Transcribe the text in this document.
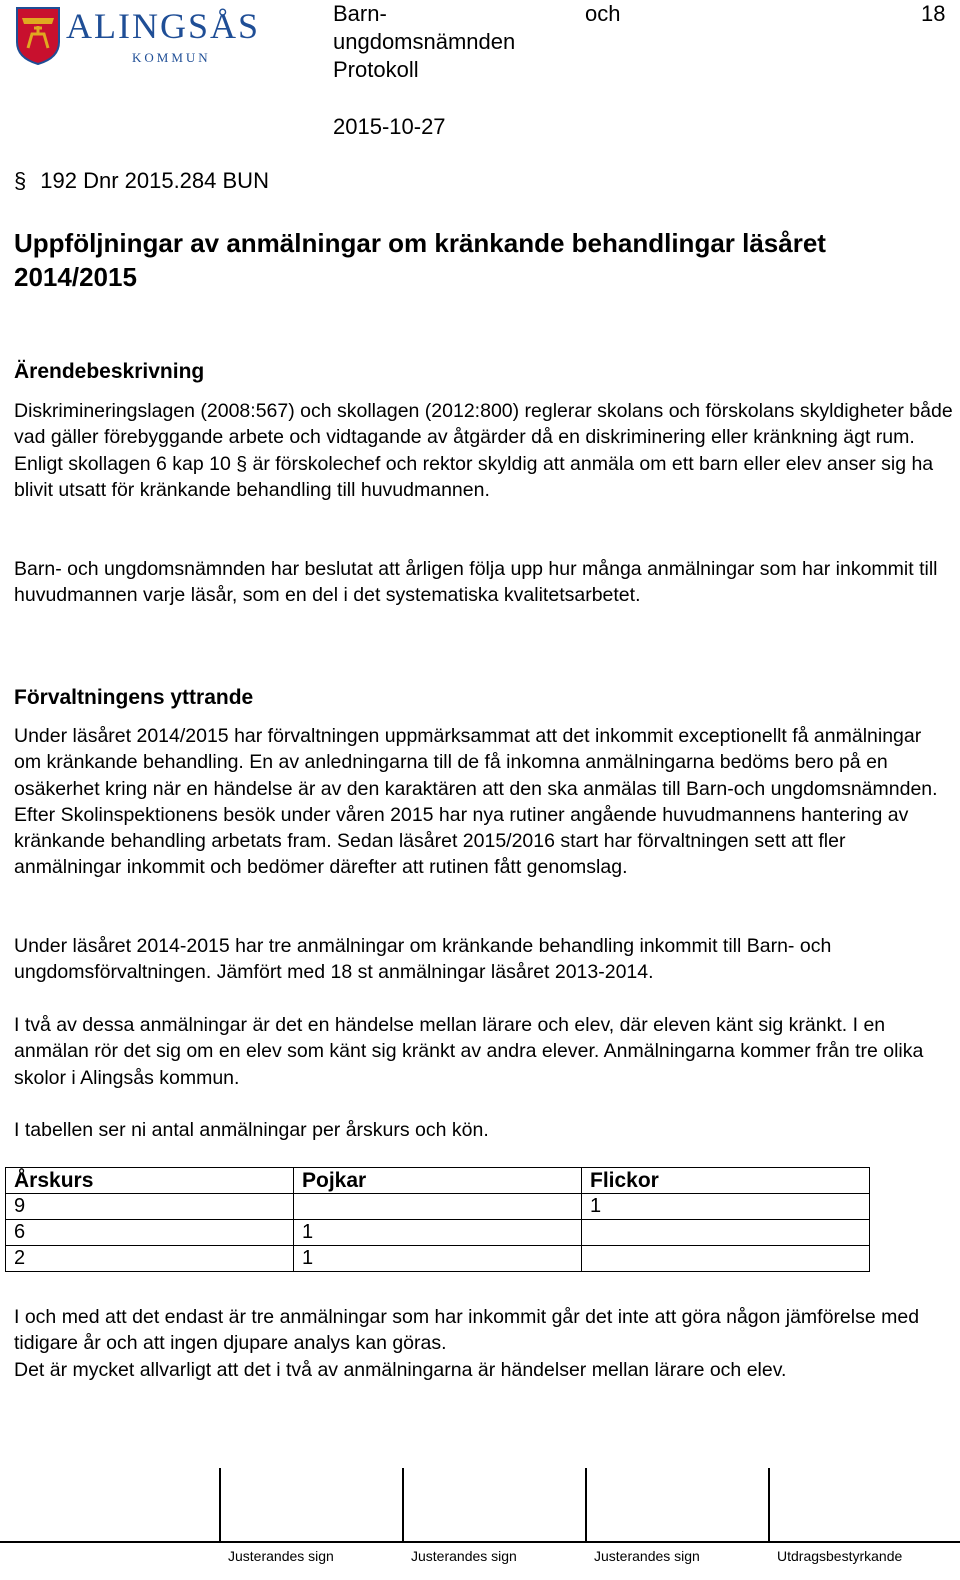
ALINGSÅS
KOMMUN
Barn-
ungdomsnämnden
Protokoll
och	18
2015-10-27
§ 192 Dnr 2015.284 BUN
Uppföljningar av anmälningar om kränkande behandlingar läsåret 2014/2015
Ärendebeskrivning
Diskrimineringslagen (2008:567) och skollagen (2012:800) reglerar skolans och förskolans skyldigheter både vad gäller förebyggande arbete och vidtagande av åtgärder då en diskriminering eller kränkning ägt rum. Enligt skollagen 6 kap 10 § är förskolechef och rektor skyldig att anmäla om ett barn eller elev anser sig ha blivit utsatt för kränkande behandling till huvudmannen.
Barn- och ungdomsnämnden har beslutat att årligen följa upp hur många anmälningar som har inkommit till huvudmannen varje läsår, som en del i det systematiska kvalitetsarbetet.
Förvaltningens yttrande
Under läsåret 2014/2015 har förvaltningen uppmärksammat att det inkommit exceptionellt få anmälningar om kränkande behandling. En av anledningarna till de få inkomna anmälningarna bedöms bero på en osäkerhet kring när en händelse är av den karaktären att den ska anmälas till Barn-och ungdomsnämnden. Efter Skolinspektionens besök under våren 2015 har nya rutiner angående huvudmannens hantering av kränkande behandling arbetats fram. Sedan läsåret 2015/2016 start har förvaltningen sett att fler anmälningar inkommit och bedömer därefter att rutinen fått genomslag.
Under läsåret 2014-2015 har tre anmälningar om kränkande behandling inkommit till Barn- och ungdomsförvaltningen. Jämfört med 18 st anmälningar läsåret 2013-2014.
I två av dessa anmälningar är det en händelse mellan lärare och elev, där eleven känt sig kränkt. I en anmälan rör det sig om en elev som känt sig kränkt av andra elever. Anmälningarna kommer från tre olika skolor i Alingsås kommun.
I tabellen ser ni antal anmälningar per årskurs och kön.
Årskurs	Pojkar	Flickor
9		1
6	1	
2	1	
I och med att det endast är tre anmälningar som har inkommit går det inte att göra någon jämförelse med tidigare år och att ingen djupare analys kan göras.
Det är mycket allvarligt att det i två av anmälningarna är händelser mellan lärare och elev.
Justerandes sign	Justerandes sign	Justerandes sign	Utdragsbestyrkande
